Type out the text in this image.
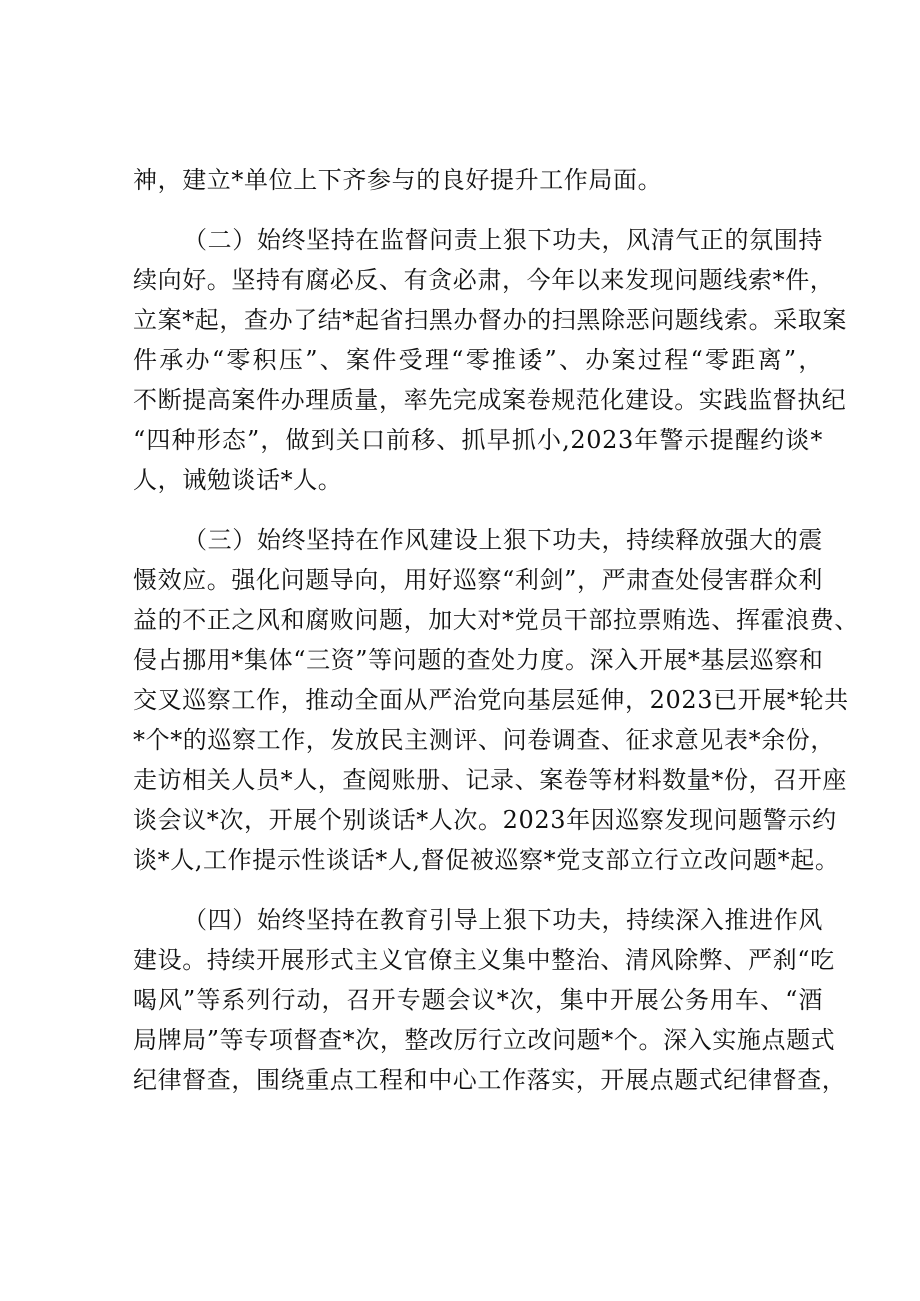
神，建立*单位上下齐参与的良好提升工作局面。
（二）始终坚持在监督问责上狠下功夫，风清气正的氛围持
续向好。坚持有腐必反、有贪必肃，今年以来发现问题线索*件，
立案*起，查办了结*起省扫黑办督办的扫黑除恶问题线索。采取案
件承办“零积压”、案件受理“零推诿”、办案过程“零距离”，
不断提高案件办理质量，率先完成案卷规范化建设。实践监督执纪
“四种形态”，做到关口前移、抓早抓小,2023年警示提醒约谈*
人，诫勉谈话*人。
（三）始终坚持在作风建设上狠下功夫，持续释放强大的震
慑效应。强化问题导向，用好巡察“利剑”，严肃查处侵害群众利
益的不正之风和腐败问题，加大对*党员干部拉票贿选、挥霍浪费、
侵占挪用*集体“三资”等问题的查处力度。深入开展*基层巡察和
交叉巡察工作，推动全面从严治党向基层延伸，2023已开展*轮共
*个*的巡察工作，发放民主测评、问卷调查、征求意见表*余份，
走访相关人员*人，查阅账册、记录、案卷等材料数量*份，召开座
谈会议*次，开展个别谈话*人次。2023年因巡察发现问题警示约
谈*人,工作提示性谈话*人,督促被巡察*党支部立行立改问题*起。
（四）始终坚持在教育引导上狠下功夫，持续深入推进作风
建设。持续开展形式主义官僚主义集中整治、清风除弊、严刹“吃
喝风”等系列行动，召开专题会议*次，集中开展公务用车、“酒
局牌局”等专项督查*次，整改厉行立改问题*个。深入实施点题式
纪律督查，围绕重点工程和中心工作落实，开展点题式纪律督查，
